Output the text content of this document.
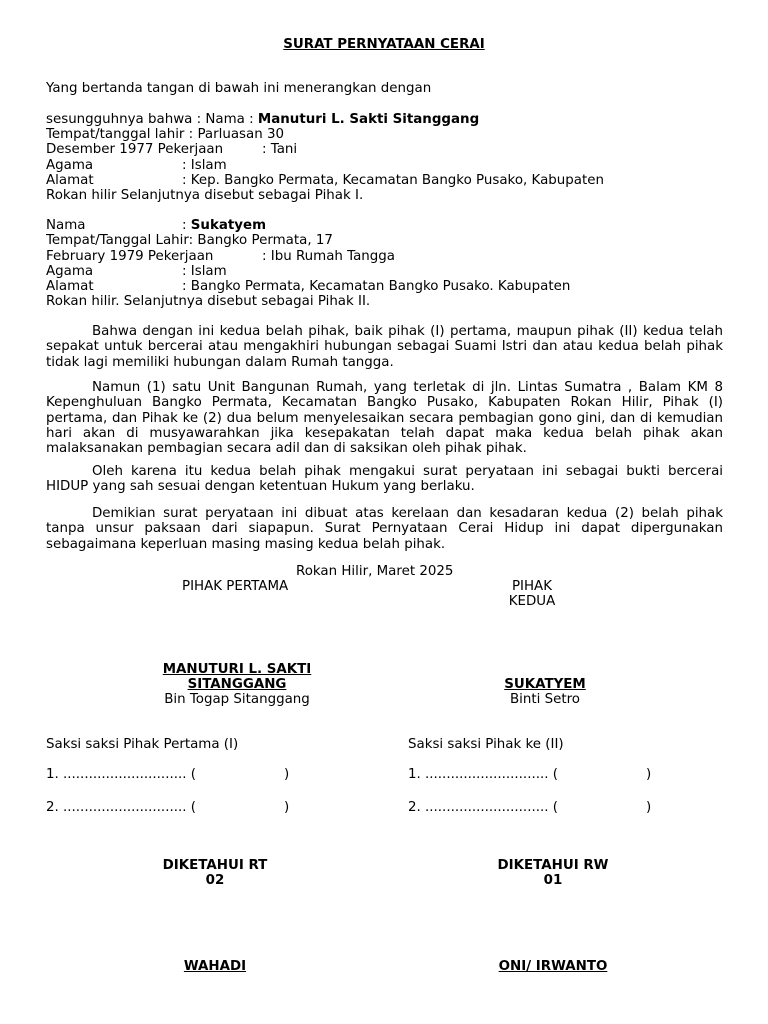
SURAT PERNYATAAN CERAI
Yang bertanda tangan di bawah ini menerangkan dengan
sesungguhnya bahwa : Nama : Manuturi L. Sakti Sitanggang
Tempat/tanggal lahir : Parluasan 30
Desember 1977 Pekerjaan	: Tani
Agama	: Islam
Alamat	: Kep. Bangko Permata, Kecamatan Bangko Pusako, Kabupaten
Rokan hilir Selanjutnya disebut sebagai Pihak I.
Nama	: Sukatyem
Tempat/Tanggal Lahir: Bangko Permata, 17
February 1979 Pekerjaan	: Ibu Rumah Tangga
Agama	: Islam
Alamat	: Bangko Permata, Kecamatan Bangko Pusako. Kabupaten
Rokan hilir. Selanjutnya disebut sebagai Pihak II.
Bahwa dengan ini kedua belah pihak, baik pihak (I) pertama, maupun pihak (II) kedua telah sepakat untuk bercerai atau mengakhiri hubungan sebagai Suami Istri dan atau kedua belah pihak tidak lagi memiliki hubungan dalam Rumah tangga.
Namun (1) satu Unit Bangunan Rumah, yang terletak di jln. Lintas Sumatra , Balam KM 8 Kepenghuluan Bangko Permata, Kecamatan Bangko Pusako, Kabupaten Rokan Hilir, Pihak (I) pertama, dan Pihak ke (2) dua belum menyelesaikan secara pembagian gono gini, dan di kemudian hari akan di musyawarahkan jika kesepakatan telah dapat maka kedua belah pihak akan malaksanakan pembagian secara adil dan di saksikan oleh pihak pihak.
Oleh karena itu kedua belah pihak mengakui surat peryataan ini sebagai bukti bercerai HIDUP yang sah sesuai dengan ketentuan Hukum yang berlaku.
Demikian surat peryataan ini dibuat atas kerelaan dan kesadaran kedua (2) belah pihak tanpa unsur paksaan dari siapapun. Surat Pernyataan Cerai Hidup ini dapat dipergunakan sebagaimana keperluan masing masing kedua belah pihak.
Rokan Hilir, Maret 2025
PIHAK PERTAMA	PIHAK
KEDUA
MANUTURI L. SAKTI
SITANGGANG
Bin Togap Sitanggang
SUKATYEM
Binti Setro
Saksi saksi Pihak Pertama (I)	Saksi saksi Pihak ke (II)
1. ............................. (	)	1. ............................. (	)
2. ............................. (	)	2. ............................. (	)
DIKETAHUI RT
02
DIKETAHUI RW
01
WAHADI	ONI/ IRWANTO
